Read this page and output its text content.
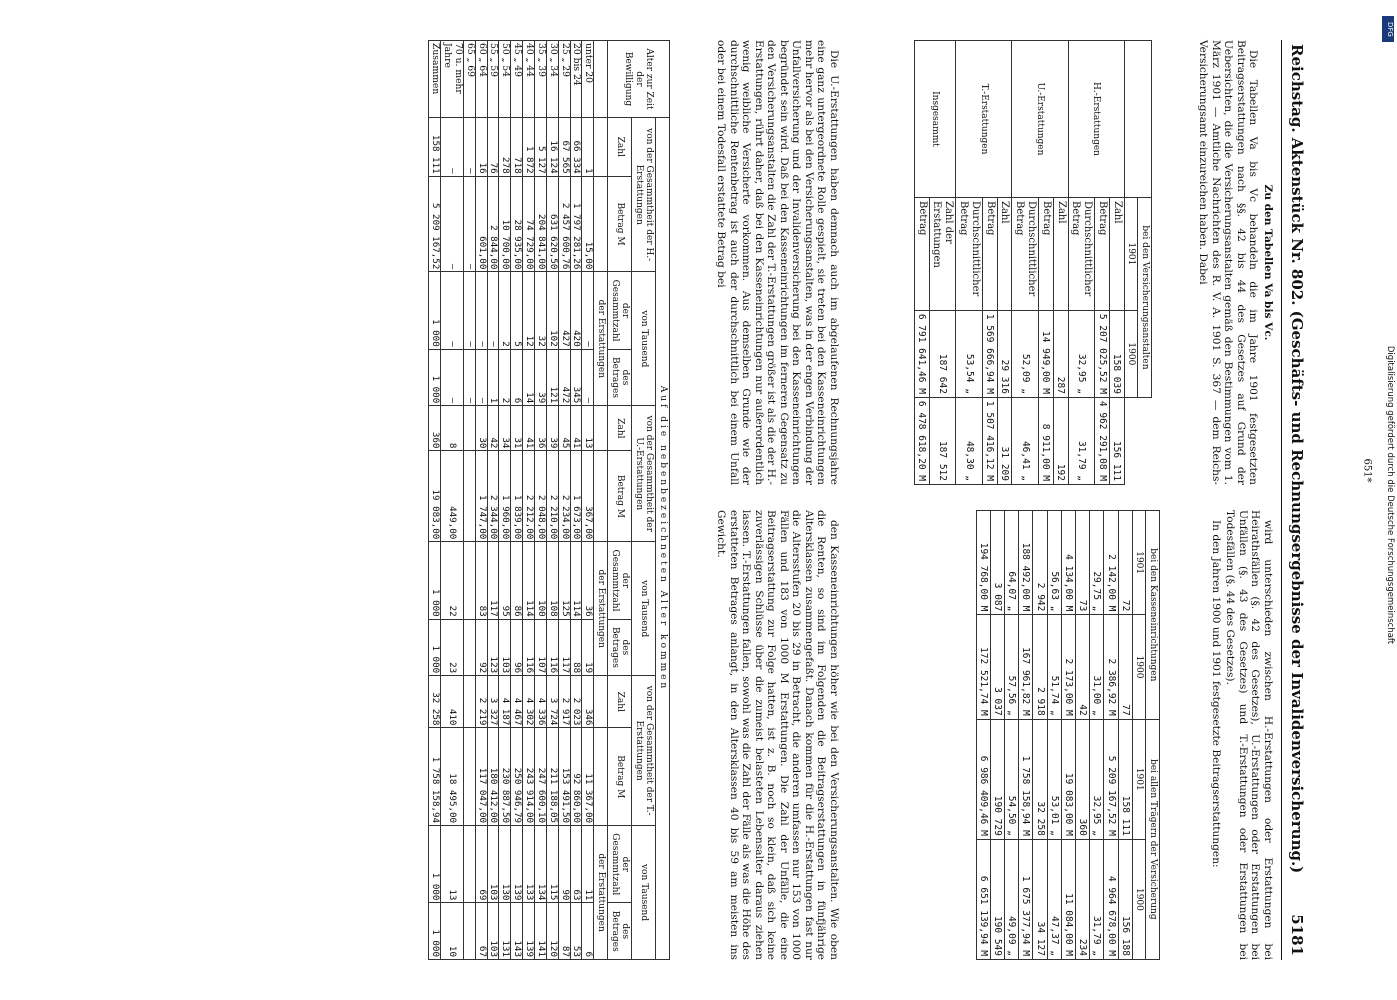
Reichstag. Aktenstück Nr. 802. (Geschäfts- und Rechnungsergebnisse der Invalidenversicherung.)
5181

Zu den Tabellen Va bis Vc.

Die Tabellen Va bis Vc behandeln die im Jahre 1901 festgesetzten Beitragserstattungen nach §§. 42 bis 44 des Gesetzes auf Grund der Uebersichten, die die Versicherungsanstalten gemäß den Bestimmungen vom 1. März 1901 — Amtliche Nachrichten des R. V. A. 1901 S. 367 — dem Reichs-Versicherungsamt einzureichen haben. Dabei

wird unterschieden zwischen H.-Erstattungen oder Erstattungen bei Heirathsfällen (§. 42 des Gesetzes), U.-Erstattungen oder Erstattungen bei Unfällen (§. 43 des Gesetzes) und T.-Erstattungen oder Erstattungen bei Todesfällen (§. 44 des Gesetzes).

In den Jahren 1900 und 1901 festgesetzte Beitragserstattungen:

	bei den Versicherungsanstalten		
	1901	1900	
H.-Erstattungen	Zahl	158 039	156 111
	Betrag	5 207 025,52 M	4 962 291,08 M
	Durchschnittlicher Betrag	32,95 „	31,79 „
U.-Erstattungen	Zahl	287	192
	Betrag	14 949,00 M	8 911,00 M
	Durchschnittlicher Betrag	52,09 „	46,41 „
T.-Erstattungen	Zahl	29 316	31 209
	Betrag	1 569 666,94 M	1 507 416,12 M
	Durchschnittlicher Betrag	53,54 „	48,30 „
Insgesammt	Zahl der Erstattungen	187 642	187 512
	Betrag	6 791 641,46 M	6 478 618,20 M
bei den Kasseneinrichtungen		bei allen Trägern der Versicherung	
1901	1900	1901	1900
72	77	158 111	156 188
2 142,00 M	2 386,92 M	5 209 167,52 M	4 964 678,00 M
29,75 „	31,00 „	32,95 „	31,79 „
73	42	360	234
4 134,00 M	2 173,00 M	19 083,00 M	11 084,00 M
56,63 „	51,74 „	53,01 „	47,37 „
2 942	2 918	32 258	34 127
188 492,00 M	167 961,82 M	1 758 158,94 M	1 675 377,94 M
64,07 „	57,56 „	54,50 „	49,09 „
3 087	3 037	190 729	190 549
194 768,00 M	172 521,74 M	6 986 409,46 M	6 651 139,94 M

Die U.-Erstattungen haben demnach auch im abgelaufenen Rechnungsjahre eine ganz untergeordnete Rolle gespielt, sie treten bei den Kasseneinrichtungen mehr hervor als bei den Versicherungsanstalten, was in der engen Verbindung der Unfallversicherung und der Invalidenversicherung bei den Kasseneinrichtungen begründet sein wird. Daß bei den Kasseneinrichtungen im ferneren Gegensatz zu den Versicherungsanstalten die Zahl der T.-Erstattungen größer ist als die der H.-Erstattungen, rührt daher, daß bei den Kasseneinrichtungen nur außerordentlich wenig weibliche Versicherte vorkommen. Aus demselben Grunde wie der durchschnittliche Rentenbetrag ist auch der durchschnittlich bei einem Unfall oder bei einem Todesfall erstattete Betrag bei

den Kasseneinrichtungen höher wie bei den Versicherungsanstalten. Wie oben die Renten, so sind im Folgenden die Beitragserstattungen in fünfjährige Altersklassen zusammengefaßt. Danach kommen für die H.-Erstattungen fast nur die Altersstufen 20 bis 29 in Betracht, die anderen umfassen nur 153 von 1000 Fällen und 183 von 1000 M Erstattungen. Die Zahl der Unfälle, die eine Beitragserstattung zur Folge hatten, ist z. B. noch so klein, daß sich keine zuverlässigen Schlüsse über die zumeist belasteten Lebensalter daraus ziehen lassen. T.-Erstattungen fallen, sowohl was die Zahl der Fälle als was die Höhe des erstatteten Betrages anlangt, in den Altersklassen 40 bis 59 am meisten ins Gewicht.

Alter zur Zeit der Bewilligung	Auf die nebenbezeichneten Alter kommen											
	von der Gesammtheit der H.-Erstattungen		von Tausend		von der Gesammtheit der U.-Erstattungen		von Tausend		von der Gesammtheit der T.-Erstattungen		von Tausend	
	Zahl	Betrag M	der Gesammtzahl	des Betrages	Zahl	Betrag M	der Gesammtzahl	des Betrages	Zahl	Betrag M	der Gesammtzahl	des Betrages
			der Erstattungen				der Erstattungen				der Erstattungen	
unter 20	1	15,00	—	—	13	367,00	36	19	346	11 367,00	11	6
20 bis 24	66 334	1 797 281,26	420	345	41	1 673,00	114	88	2 023	92 860,00	63	53
25 „ 29	67 565	2 457 600,76	427	472	45	2 234,00	125	117	2 917	153 491,50	90	87
30 „ 34	16 124	631 620,50	102	121	39	2 210,00	108	116	3 724	211 188,05	115	120
35 „ 39	5 127	204 841,00	32	39	36	2 048,00	100	107	4 336	247 600,10	134	141
40 „ 44	1 872	74 729,00	12	14	41	2 212,00	114	116	4 302	243 914,00	133	139
45 „ 49	718	28 935,00	5	6	31	1 839,00	86	96	4 467	250 946,79	139	143
50 „ 54	278	10 700,00	2	2	34	1 960,00	95	103	4 187	230 887,50	130	131
55 „ 59	76	2 844,00	—	1	42	2 344,00	117	123	3 327	180 412,00	103	103
60 „ 64	16	601,00	—	—	30	1 747,00	83	92	2 219	117 047,00	69	67
65 „ 69	—	—	—	—								
70 u. mehr Jahre	—	—	—	—	8	449,00	22	23	410	18 495,00	13	10
Zusammen	158 111	5 209 167,52	1 000	1 000	360	19 083,00	1 000	1 000	32 258	1 758 158,94	1 000	1 000
651*
DFG
Digitalisierung gefördert durch die Deutsche Forschungsgemeinschaft
